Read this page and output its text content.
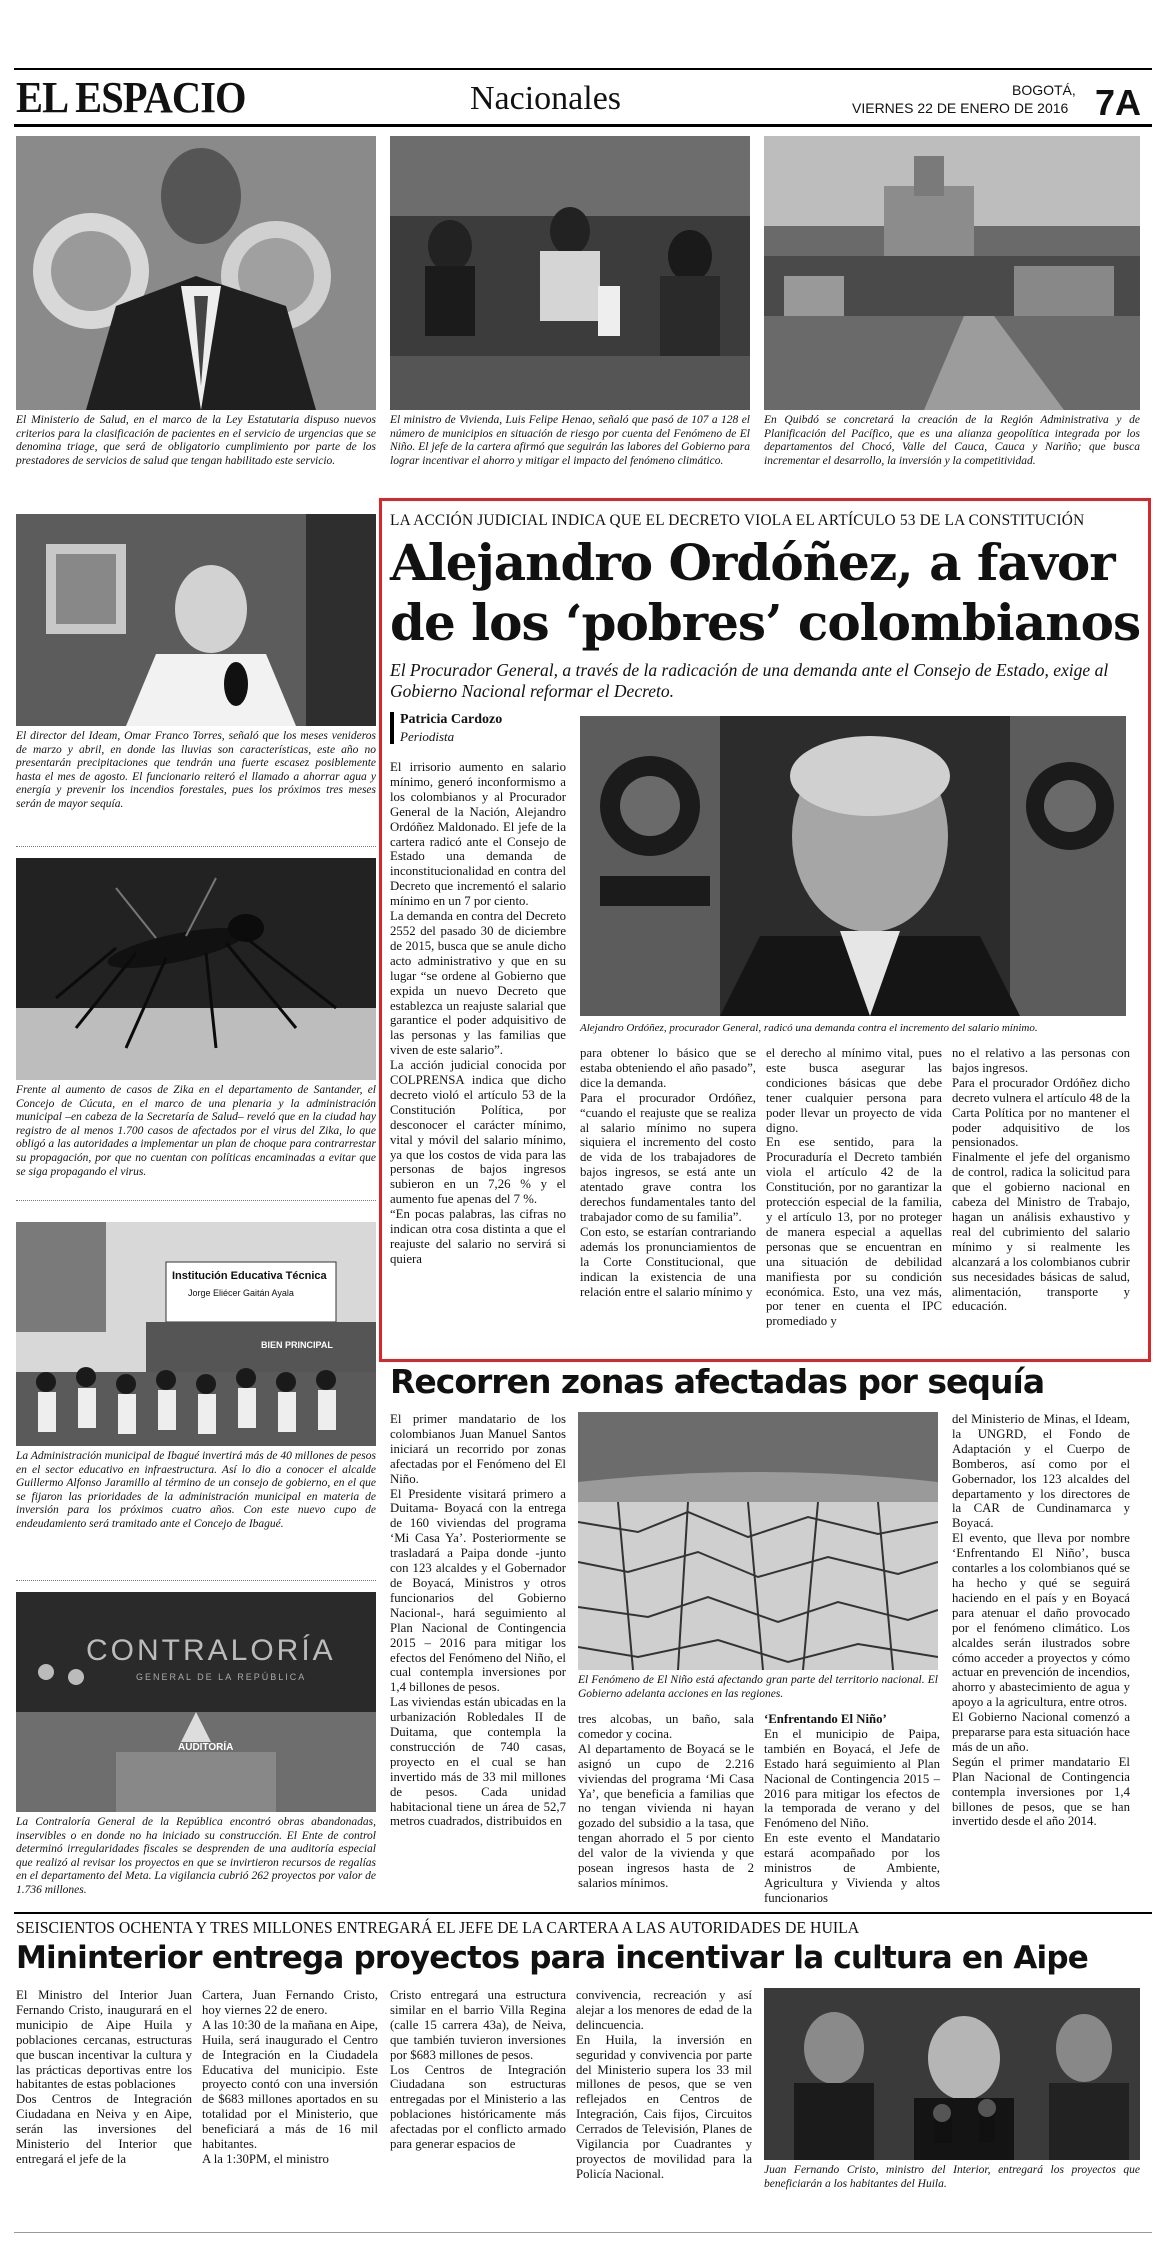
EL ESPACIO	Nacionales	BOGOTÁ,
VIERNES 22 DE ENERO DE 2016 7A
El Ministerio de Salud, en el marco de la Ley Estatutaria dispuso nuevos criterios para la clasificación de pacientes en el servicio de urgencias que se denomina triage, que será de obligatorio cumplimiento por parte de los prestadores de servicios de salud que tengan habilitado este servicio.
El ministro de Vivienda, Luis Felipe Henao, señaló que pasó de 107 a 128 el número de municipios en situación de riesgo por cuenta del Fenómeno de El Niño. El jefe de la cartera afirmó que seguirán las labores del Gobierno para lograr incentivar el ahorro y mitigar el impacto del fenómeno climático.
En Quibdó se concretará la creación de la Región Administrativa y de Planificación del Pacífico, que es una alianza geopolítica integrada por los departamentos del Chocó, Valle del Cauca, Cauca y Nariño; que busca incrementar el desarrollo, la inversión y la competitividad.
El director del Ideam, Omar Franco Torres, señaló que los meses venideros de marzo y abril, en donde las lluvias son características, este año no presentarán precipitaciones que tendrán una fuerte escasez posiblemente hasta el mes de agosto. El funcionario reiteró el llamado a ahorrar agua y energía y prevenir los incendios forestales, pues los próximos tres meses serán de mayor sequía.
Frente al aumento de casos de Zika en el departamento de Santander, el Concejo de Cúcuta, en el marco de una plenaria y la administración municipal –en cabeza de la Secretaría de Salud– reveló que en la ciudad hay registro de al menos 1.700 casos de afectados por el virus del Zika, lo que obligó a las autoridades a implementar un plan de choque para contrarrestar su propagación, por que no cuentan con políticas encaminadas a evitar que se siga propagando el virus.
Institución Educativa Técnica
Jorge Eliécer Gaitán Ayala
BIEN PRINCIPAL
La Administración municipal de Ibagué invertirá más de 40 millones de pesos en el sector educativo en infraestructura. Así lo dio a conocer el alcalde Guillermo Alfonso Jaramillo al término de un consejo de gobierno, en el que se fijaron las prioridades de la administración municipal en materia de inversión para los próximos cuatro años. Con este nuevo cupo de endeudamiento será tramitado ante el Concejo de Ibagué.
CONTRALORÍA
GENERAL DE LA REPÚBLICA
AUDITORÍA
La Contraloría General de la República encontró obras abandonadas, inservibles o en donde no ha iniciado su construcción. El Ente de control determinó irregularidades fiscales se desprenden de una auditoría especial que realizó al revisar los proyectos en que se invirtieron recursos de regalías en el departamento del Meta. La vigilancia cubrió 262 proyectos por valor de 1.736 millones.
LA ACCIÓN JUDICIAL INDICA QUE EL DECRETO VIOLA EL ARTÍCULO 53 DE LA CONSTITUCIÓN
Alejandro Ordóñez, a favor
de los ‘pobres’ colombianos
El Procurador General, a través de la radicación de una demanda ante el Consejo de Estado, exige al Gobierno Nacional reformar el Decreto.
Patricia Cardozo
Periodista

El irrisorio aumento en salario mínimo, generó inconformismo a los colombianos y al Procurador General de la Nación, Alejandro Ordóñez Maldonado. El jefe de la cartera radicó ante el Consejo de Estado una demanda de inconstitucionalidad en contra del Decreto que incrementó el salario mínimo en un 7 por ciento.

La demanda en contra del Decreto 2552 del pasado 30 de diciembre de 2015, busca que se anule dicho acto administrativo y que en su lugar “se ordene al Gobierno que expida un nuevo Decreto que establezca un reajuste salarial que garantice el poder adquisitivo de las personas y las familias que viven de este salario”.

La acción judicial conocida por COLPRENSA indica que dicho decreto violó el artículo 53 de la Constitución Política, por desconocer el carácter mínimo, vital y móvil del salario mínimo, ya que los costos de vida para las personas de bajos ingresos subieron en un 7,26 % y el aumento fue apenas del 7 %.

“En pocas palabras, las cifras no indican otra cosa distinta a que el reajuste del salario no servirá si quiera

Alejandro Ordóñez, procurador General, radicó una demanda contra el incremento del salario mínimo.

para obtener lo básico que se estaba obteniendo el año pasado”, dice la demanda.

Para el procurador Ordóñez, “cuando el reajuste que se realiza al salario mínimo no supera siquiera el incremento del costo de vida de los trabajadores de bajos ingresos, se está ante un atentado grave contra los derechos fundamentales tanto del trabajador como de su familia”.

Con esto, se estarían contrariando además los pronunciamientos de la Corte Constitucional, que indican la existencia de una relación entre el salario mínimo y

el derecho al mínimo vital, pues este busca asegurar las condiciones básicas que debe tener cualquier persona para poder llevar un proyecto de vida digno.

En ese sentido, para la Procuraduría el Decreto también viola el artículo 42 de la Constitución, por no garantizar la protección especial de la familia, y el artículo 13, por no proteger de manera especial a aquellas personas que se encuentran en una situación de debilidad manifiesta por su condición económica. Esto, una vez más, por tener en cuenta el IPC promediado y

no el relativo a las personas con bajos ingresos.

Para el procurador Ordóñez dicho decreto vulnera el artículo 48 de la Carta Política por no mantener el poder adquisitivo de los pensionados.

Finalmente el jefe del organismo de control, radica la solicitud para que el gobierno nacional en cabeza del Ministro de Trabajo, hagan un análisis exhaustivo y real del cubrimiento del salario mínimo y si realmente les alcanzará a los colombianos cubrir sus necesidades básicas de salud, alimentación, transporte y educación.

Recorren zonas afectadas por sequía

El primer mandatario de los colombianos Juan Manuel Santos iniciará un recorrido por zonas afectadas por el Fenómeno del El Niño.

El Presidente visitará primero a Duitama- Boyacá con la entrega de 160 viviendas del programa ‘Mi Casa Ya’. Posteriormente se trasladará a Paipa donde -junto con 123 alcaldes y el Gobernador de Boyacá, Ministros y otros funcionarios del Gobierno Nacional-, hará seguimiento al Plan Nacional de Contingencia 2015 – 2016 para mitigar los efectos del Fenómeno del Niño, el cual contempla inversiones por 1,4 billones de pesos.

Las viviendas están ubicadas en la urbanización Robledales II de Duitama, que contempla la construcción de 740 casas, proyecto en el cual se han invertido más de 33 mil millones de pesos. Cada unidad habitacional tiene un área de 52,7 metros cuadrados, distribuidos en

El Fenómeno de El Niño está afectando gran parte del territorio nacional. El Gobierno adelanta acciones en las regiones.

tres alcobas, un baño, sala comedor y cocina.

Al departamento de Boyacá se le asignó un cupo de 2.216 viviendas del programa ‘Mi Casa Ya’, que beneficia a familias que no tengan vivienda ni hayan gozado del subsidio a la tasa, que tengan ahorrado el 5 por ciento del valor de la vivienda y que posean ingresos hasta de 2 salarios mínimos.

‘Enfrentando El Niño’

En el municipio de Paipa, también en Boyacá, el Jefe de Estado hará seguimiento al Plan Nacional de Contingencia 2015 – 2016 para mitigar los efectos de la temporada de verano y del Fenómeno del Niño.

En este evento el Mandatario estará acompañado por los ministros de Ambiente, Agricultura y Vivienda y altos funcionarios

del Ministerio de Minas, el Ideam, la UNGRD, el Fondo de Adaptación y el Cuerpo de Bomberos, así como por el Gobernador, los 123 alcaldes del departamento y los directores de la CAR de Cundinamarca y Boyacá.

El evento, que lleva por nombre ‘Enfrentando El Niño’, busca contarles a los colombianos qué se ha hecho y qué se seguirá haciendo en el país y en Boyacá para atenuar el daño provocado por el fenómeno climático. Los alcaldes serán ilustrados sobre cómo acceder a proyectos y cómo actuar en prevención de incendios, ahorro y abastecimiento de agua y apoyo a la agricultura, entre otros.

El Gobierno Nacional comenzó a prepararse para esta situación hace más de un año.

Según el primer mandatario El Plan Nacional de Contingencia contempla inversiones por 1,4 billones de pesos, que se han invertido desde el año 2014.

SEISCIENTOS OCHENTA Y TRES MILLONES ENTREGARÁ EL JEFE DE LA CARTERA A LAS AUTORIDADES DE HUILA
Mininterior entrega proyectos para incentivar la cultura en Aipe

El Ministro del Interior Juan Fernando Cristo, inaugurará en el municipio de Aipe Huila y poblaciones cercanas, estructuras que buscan incentivar la cultura y las prácticas deportivas entre los habitantes de estas poblaciones

Dos Centros de Integración Ciudadana en Neiva y en Aipe, serán las inversiones del Ministerio del Interior que entregará el jefe de la

Cartera, Juan Fernando Cristo, hoy viernes 22 de enero.

A las 10:30 de la mañana en Aipe, Huila, será inaugurado el Centro de Integración en la Ciudadela Educativa del municipio. Este proyecto contó con una inversión de $683 millones aportados en su totalidad por el Ministerio, que beneficiará a más de 16 mil habitantes.

A la 1:30PM, el ministro

Cristo entregará una estructura similar en el barrio Villa Regina (calle 15 carrera 43a), de Neiva, que también tuvieron inversiones por $683 millones de pesos.

Los Centros de Integración Ciudadana son estructuras entregadas por el Ministerio a las poblaciones históricamente más afectadas por el conflicto armado para generar espacios de

convivencia, recreación y así alejar a los menores de edad de la delincuencia.

En Huila, la inversión en seguridad y convivencia por parte del Ministerio supera los 33 mil millones de pesos, que se ven reflejados en Centros de Integración, Cais fijos, Circuitos Cerrados de Televisión, Planes de Vigilancia por Cuadrantes y proyectos de movilidad para la Policía Nacional.	Juan Fernando Cristo, ministro del Interior, entregará los proyectos que beneficiarán a los habitantes del Huila.
